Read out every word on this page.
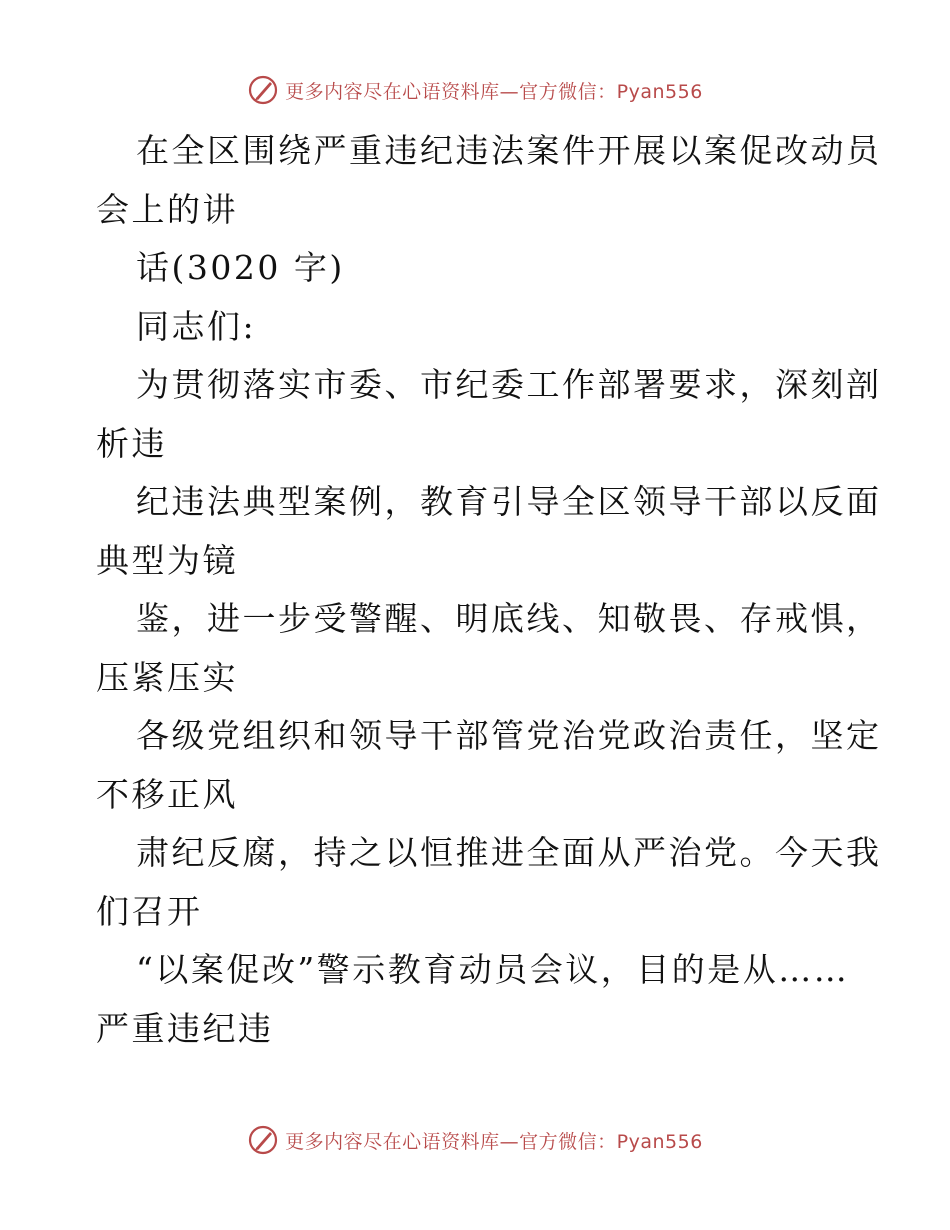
更多内容尽在心语资料库—官方微信：Pyan556
在全区围绕严重违纪违法案件开展以案促改动员
会上的讲
话(3020 字)
同志们:
为贯彻落实市委、市纪委工作部署要求，深刻剖
析违
纪违法典型案例，教育引导全区领导干部以反面
典型为镜
鉴，进一步受警醒、明底线、知敬畏、存戒惧，
压紧压实
各级党组织和领导干部管党治党政治责任，坚定
不移正风
肃纪反腐，持之以恒推进全面从严治党。今天我
们召开
“以案促改”警示教育动员会议，目的是从……
严重违纪违
更多内容尽在心语资料库—官方微信：Pyan556
